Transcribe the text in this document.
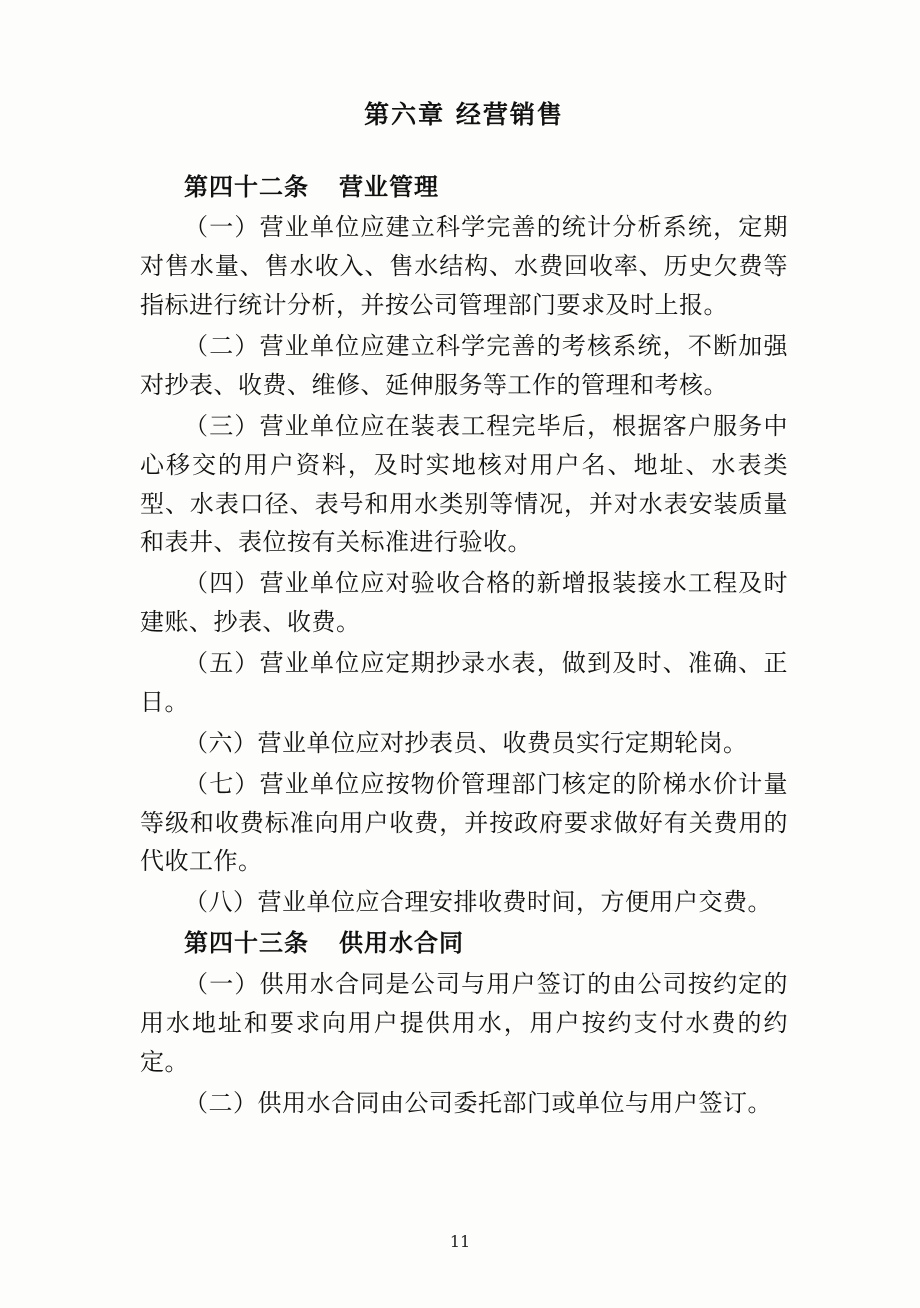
第六章 经营销售
第四十二条 营业管理

（一）营业单位应建立科学完善的统计分析系统，定期对售水量、售水收入、售水结构、水费回收率、历史欠费等指标进行统计分析，并按公司管理部门要求及时上报。

（二）营业单位应建立科学完善的考核系统，不断加强对抄表、收费、维修、延伸服务等工作的管理和考核。

（三）营业单位应在装表工程完毕后，根据客户服务中心移交的用户资料，及时实地核对用户名、地址、水表类型、水表口径、表号和用水类别等情况，并对水表安装质量和表井、表位按有关标准进行验收。

（四）营业单位应对验收合格的新增报装接水工程及时建账、抄表、收费。

（五）营业单位应定期抄录水表，做到及时、准确、正日。

（六）营业单位应对抄表员、收费员实行定期轮岗。

（七）营业单位应按物价管理部门核定的阶梯水价计量等级和收费标准向用户收费，并按政府要求做好有关费用的代收工作。

（八）营业单位应合理安排收费时间，方便用户交费。

第四十三条 供用水合同

（一）供用水合同是公司与用户签订的由公司按约定的用水地址和要求向用户提供用水，用户按约支付水费的约定。

（二）供用水合同由公司委托部门或单位与用户签订。

11
